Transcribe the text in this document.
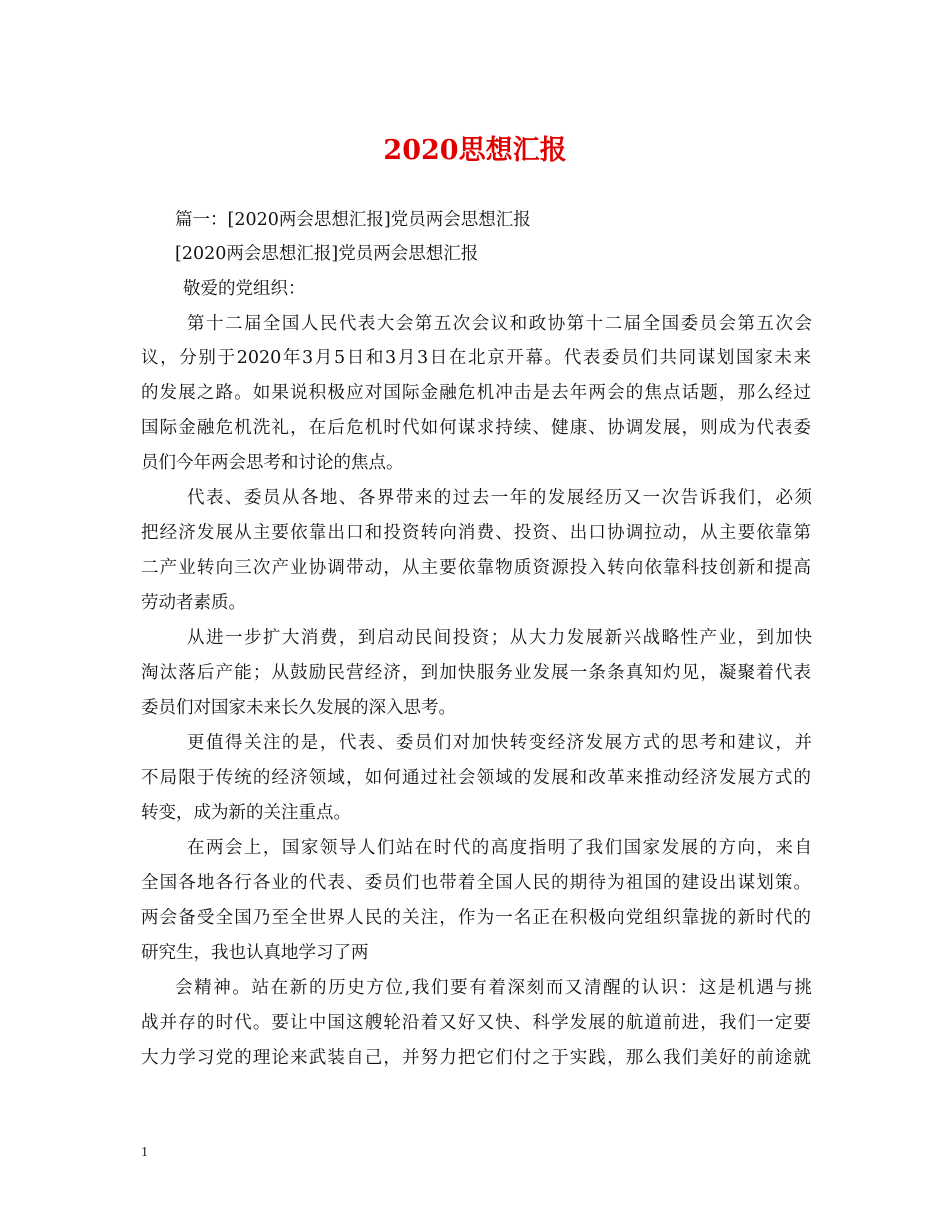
2020思想汇报
篇一：[2020两会思想汇报]党员两会思想汇报
[2020两会思想汇报]党员两会思想汇报
敬爱的党组织：
第十二届全国人民代表大会第五次会议和政协第十二届全国委员会第五次会
议，分别于2020年3月5日和3月3日在北京开幕。代表委员们共同谋划国家未来
的发展之路。如果说积极应对国际金融危机冲击是去年两会的焦点话题，那么经过
国际金融危机洗礼，在后危机时代如何谋求持续、健康、协调发展，则成为代表委
员们今年两会思考和讨论的焦点。
代表、委员从各地、各界带来的过去一年的发展经历又一次告诉我们，必须
把经济发展从主要依靠出口和投资转向消费、投资、出口协调拉动，从主要依靠第
二产业转向三次产业协调带动，从主要依靠物质资源投入转向依靠科技创新和提高
劳动者素质。
从进一步扩大消费，到启动民间投资；从大力发展新兴战略性产业，到加快
淘汰落后产能；从鼓励民营经济，到加快服务业发展一条条真知灼见，凝聚着代表
委员们对国家未来长久发展的深入思考。
更值得关注的是，代表、委员们对加快转变经济发展方式的思考和建议，并
不局限于传统的经济领域，如何通过社会领域的发展和改革来推动经济发展方式的
转变，成为新的关注重点。
在两会上，国家领导人们站在时代的高度指明了我们国家发展的方向，来自
全国各地各行各业的代表、委员们也带着全国人民的期待为祖国的建设出谋划策。
两会备受全国乃至全世界人民的关注，作为一名正在积极向党组织靠拢的新时代的
研究生，我也认真地学习了两
会精神。站在新的历史方位,我们要有着深刻而又清醒的认识：这是机遇与挑
战并存的时代。要让中国这艘轮沿着又好又快、科学发展的航道前进，我们一定要
大力学习党的理论来武装自己，并努力把它们付之于实践，那么我们美好的前途就
1
